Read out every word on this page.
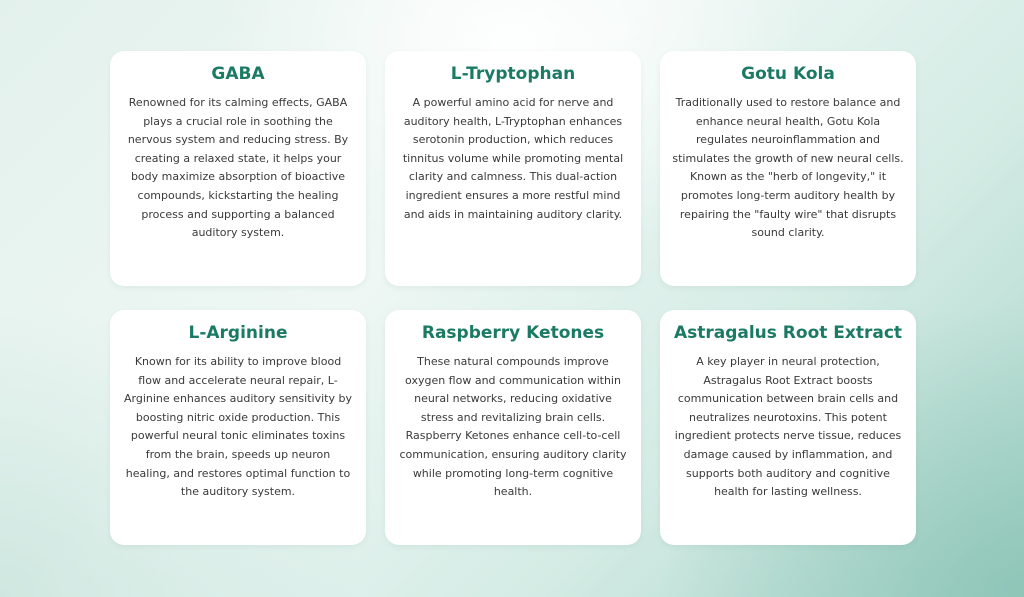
GABA

Renowned for its calming effects, GABA plays a crucial role in soothing the nervous system and reducing stress. By creating a relaxed state, it helps your body maximize absorption of bioactive compounds, kickstarting the healing process and supporting a balanced auditory system.

L-Tryptophan

A powerful amino acid for nerve and auditory health, L-Tryptophan enhances serotonin production, which reduces tinnitus volume while promoting mental clarity and calmness. This dual-action ingredient ensures a more restful mind and aids in maintaining auditory clarity.

Gotu Kola

Traditionally used to restore balance and enhance neural health, Gotu Kola regulates neuroinflammation and stimulates the growth of new neural cells. Known as the "herb of longevity," it promotes long-term auditory health by repairing the "faulty wire" that disrupts sound clarity.

L-Arginine

Known for its ability to improve blood flow and accelerate neural repair, L-Arginine enhances auditory sensitivity by boosting nitric oxide production. This powerful neural tonic eliminates toxins from the brain, speeds up neuron healing, and restores optimal function to the auditory system.

Raspberry Ketones

These natural compounds improve oxygen flow and communication within neural networks, reducing oxidative stress and revitalizing brain cells. Raspberry Ketones enhance cell-to-cell communication, ensuring auditory clarity while promoting long-term cognitive health.

Astragalus Root Extract

A key player in neural protection, Astragalus Root Extract boosts communication between brain cells and neutralizes neurotoxins. This potent ingredient protects nerve tissue, reduces damage caused by inflammation, and supports both auditory and cognitive health for lasting wellness.
